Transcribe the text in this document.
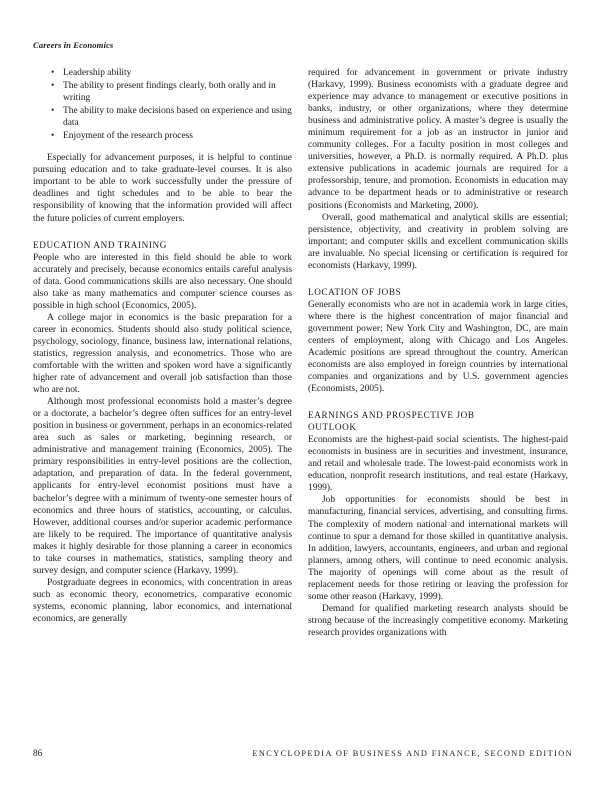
Careers in Economics
• Leadership ability
• The ability to present findings clearly, both orally and in writing
• The ability to make decisions based on experience and using data
• Enjoyment of the research process

Especially for advancement purposes, it is helpful to continue pursuing education and to take graduate-level courses. It is also important to be able to work successfully under the pressure of deadlines and tight schedules and to be able to bear the responsibility of knowing that the information provided will affect the future policies of current employers.

EDUCATION AND TRAINING

People who are interested in this field should be able to work accurately and precisely, because economics entails careful analysis of data. Good communications skills are also necessary. One should also take as many mathematics and computer science courses as possible in high school (Economics, 2005).

A college major in economics is the basic preparation for a career in economics. Students should also study political science, psychology, sociology, finance, business law, international relations, statistics, regression analysis, and econometrics. Those who are comfortable with the written and spoken word have a significantly higher rate of advancement and overall job satisfaction than those who are not.

Although most professional economists hold a master’s degree or a doctorate, a bachelor’s degree often suffices for an entry-level position in business or government, perhaps in an economics-related area such as sales or marketing, beginning research, or administrative and management training (Economics, 2005). The primary responsibilities in entry-level positions are the collection, adaptation, and preparation of data. In the federal government, applicants for entry-level economist positions must have a bachelor’s degree with a minimum of twenty-one semester hours of economics and three hours of statistics, accounting, or calculus. However, additional courses and/or superior academic performance are likely to be required. The importance of quantitative analysis makes it highly desirable for those planning a career in economics to take courses in mathematics, statistics, sampling theory and survey design, and computer science (Harkavy, 1999).

Postgraduate degrees in economics, with concentration in areas such as economic theory, econometrics, comparative economic systems, economic planning, labor economics, and international economics, are generally

required for advancement in government or private industry (Harkavy, 1999). Business economists with a graduate degree and experience may advance to management or executive positions in banks, industry, or other organizations, where they determine business and administrative policy. A master’s degree is usually the minimum requirement for a job as an instructor in junior and community colleges. For a faculty position in most colleges and universities, however, a Ph.D. is normally required. A Ph.D. plus extensive publications in academic journals are required for a professorship, tenure, and promotion. Economists in education may advance to be department heads or to administrative or research positions (Economists and Marketing, 2000).

Overall, good mathematical and analytical skills are essential; persistence, objectivity, and creativity in problem solving are important; and computer skills and excellent communication skills are invaluable. No special licensing or certification is required for economists (Harkavy, 1999).

LOCATION OF JOBS

Generally economists who are not in academia work in large cities, where there is the highest concentration of major financial and government power; New York City and Washington, DC, are main centers of employment, along with Chicago and Los Angeles. Academic positions are spread throughout the country. American economists are also employed in foreign countries by international companies and organizations and by U.S. government agencies (Economists, 2005).

EARNINGS AND PROSPECTIVE JOB
OUTLOOK

Economists are the highest-paid social scientists. The highest-paid economists in business are in securities and investment, insurance, and retail and wholesale trade. The lowest-paid economists work in education, nonprofit research institutions, and real estate (Harkavy, 1999).

Job opportunities for economists should be best in manufacturing, financial services, advertising, and consulting firms. The complexity of modern national and international markets will continue to spur a demand for those skilled in quantitative analysis. In addition, lawyers, accountants, engineers, and urban and regional planners, among others, will continue to need economic analysis. The majority of openings will come about as the result of replacement needs for those retiring or leaving the profession for some other reason (Harkavy, 1999).

Demand for qualified marketing research analysts should be strong because of the increasingly competitive economy. Marketing research provides organizations with

86	ENCYCLOPEDIA OF BUSINESS AND FINANCE, SECOND EDITION
